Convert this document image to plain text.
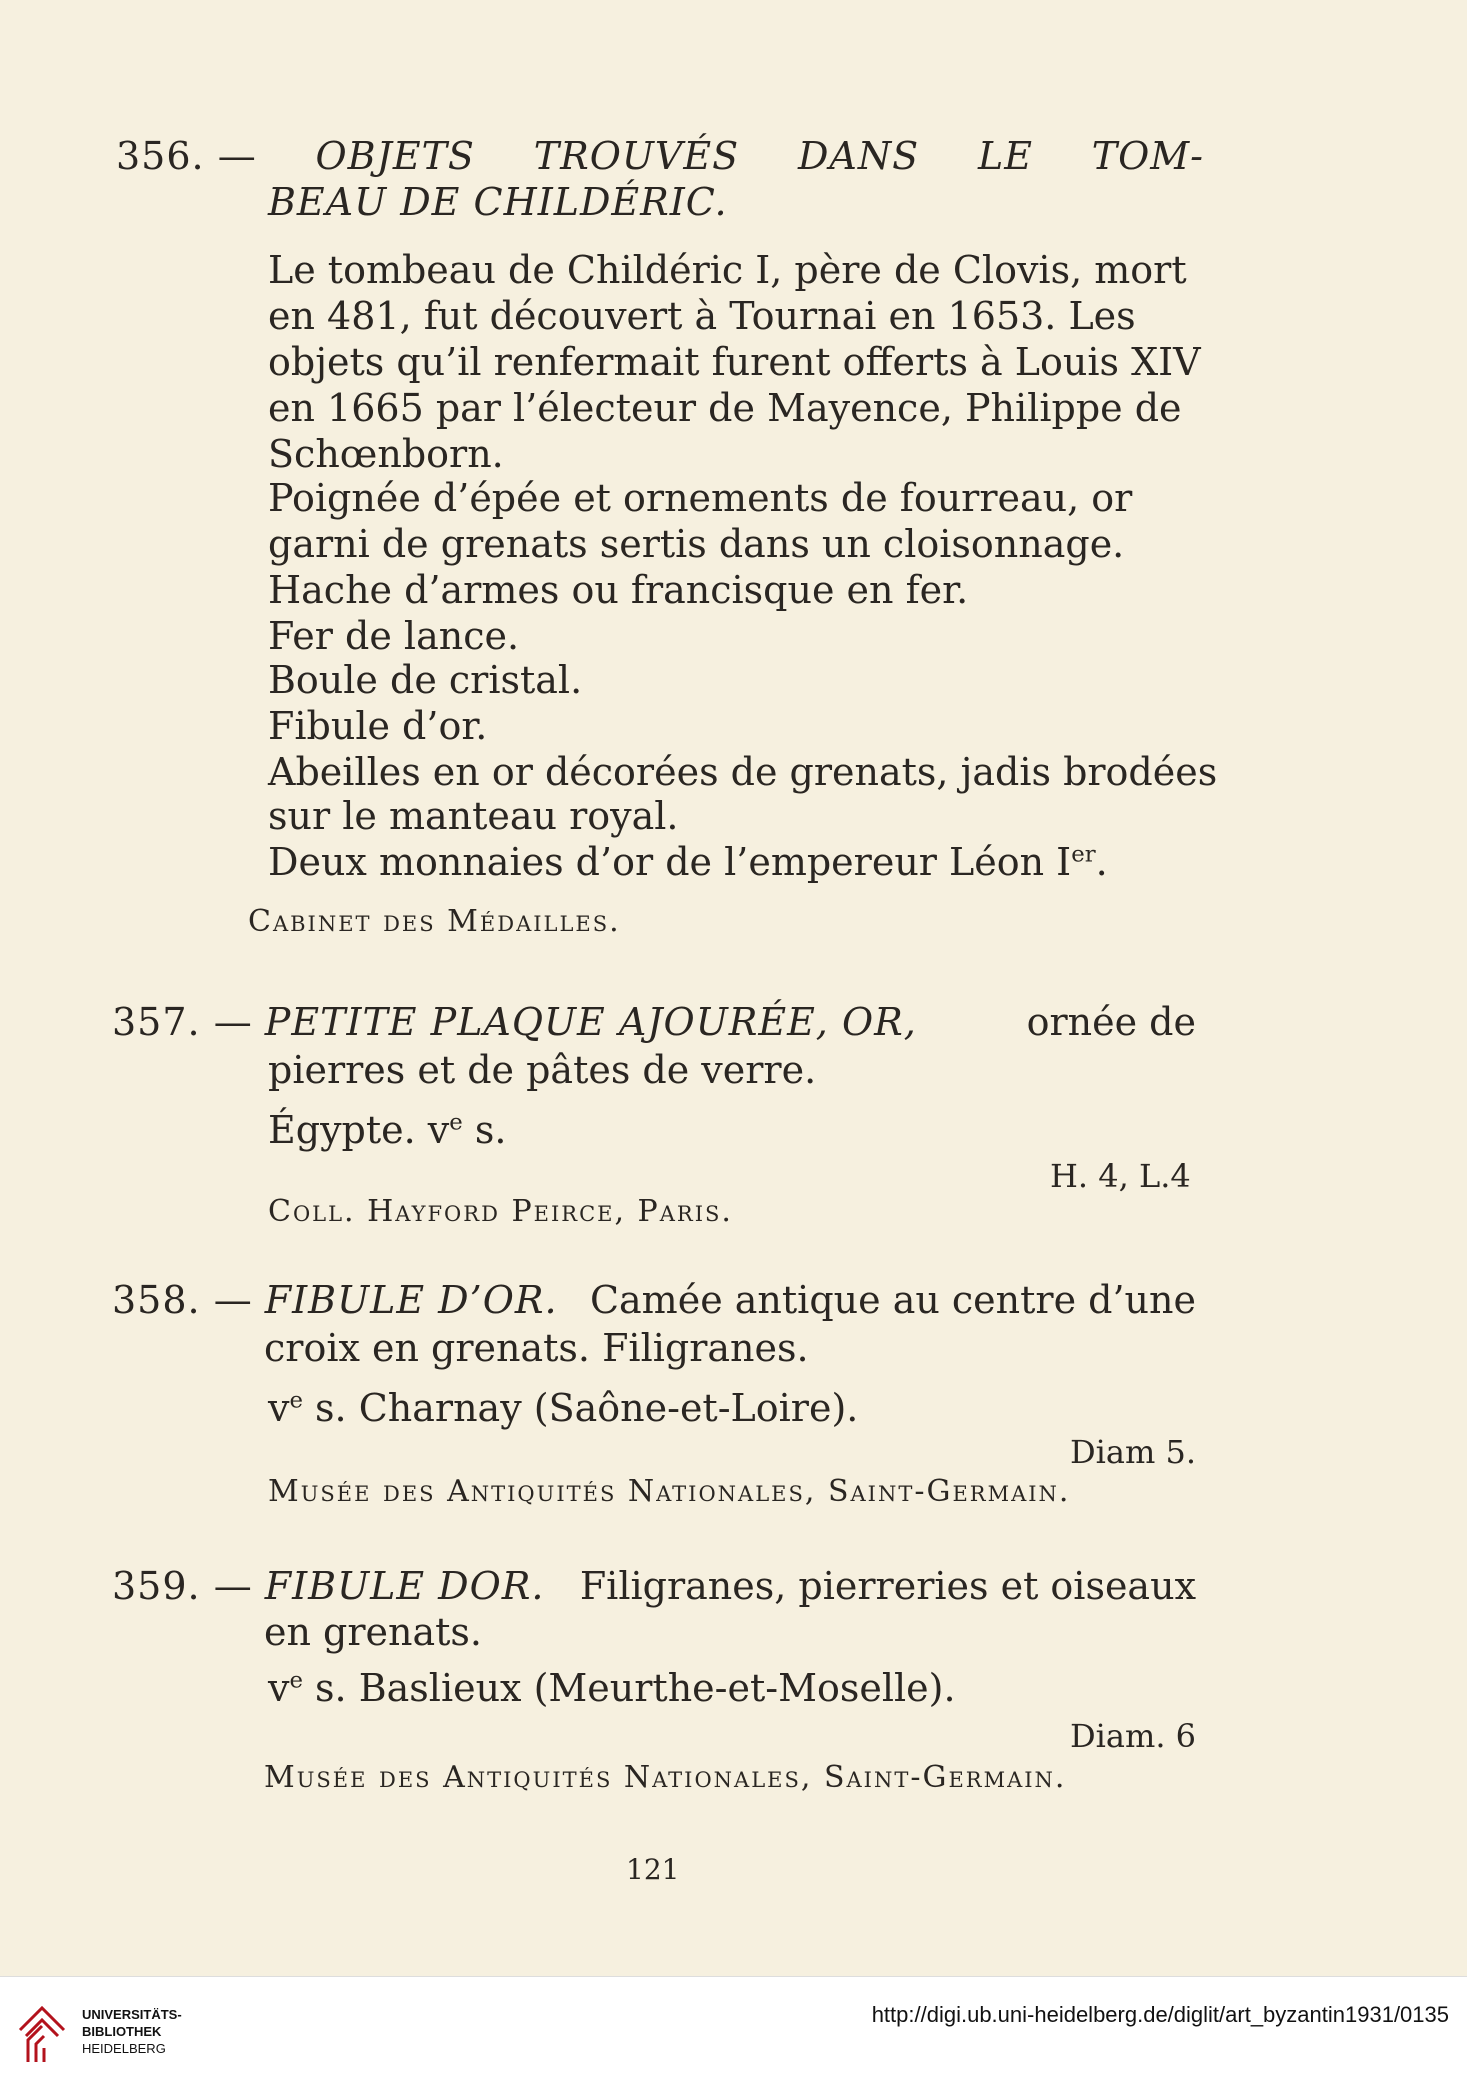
356. — OBJETS TROUVÉS DANS LE TOM-
BEAU DE CHILDÉRIC.
Le tombeau de Childéric I, père de Clovis, mort
en 481, fut découvert à Tournai en 1653. Les
objets qu’il renfermait furent offerts à Louis XIV
en 1665 par l’électeur de Mayence, Philippe de
Schœnborn.
Poignée d’épée et ornements de fourreau, or
garni de grenats sertis dans un cloisonnage.
Hache d’armes ou francisque en fer.
Fer de lance.
Boule de cristal.
Fibule d’or.
Abeilles en or décorées de grenats, jadis brodées
sur le manteau royal.
Deux monnaies d’or de l’empereur Léon Ier.
Cabinet des Médailles.
357. — PETITE PLAQUE AJOURÉE, OR,	ornée de
pierres et de pâtes de verre.
Égypte. $v^e$ s.
H. 4, L.4
Coll. Hayford Peirce, Paris.
358. — FIBULE D’OR. Camée antique au centre d’une
croix en grenats. Filigranes.
$v^e$ s. Charnay (Saône-et-Loire).
Diam 5.
Musée des Antiquités Nationales, Saint-Germain.
359. — FIBULE DOR. Filigranes, pierreries et oiseaux
en grenats.
$v^e$ s. Baslieux (Meurthe-et-Moselle).
Diam. 6
Musée des Antiquités Nationales, Saint-Germain.
121
UNIVERSITÄTS-
BIBLIOTHEK
HEIDELBERG
http://digi.ub.uni-heidelberg.de/diglit/art_byzantin1931/0135
